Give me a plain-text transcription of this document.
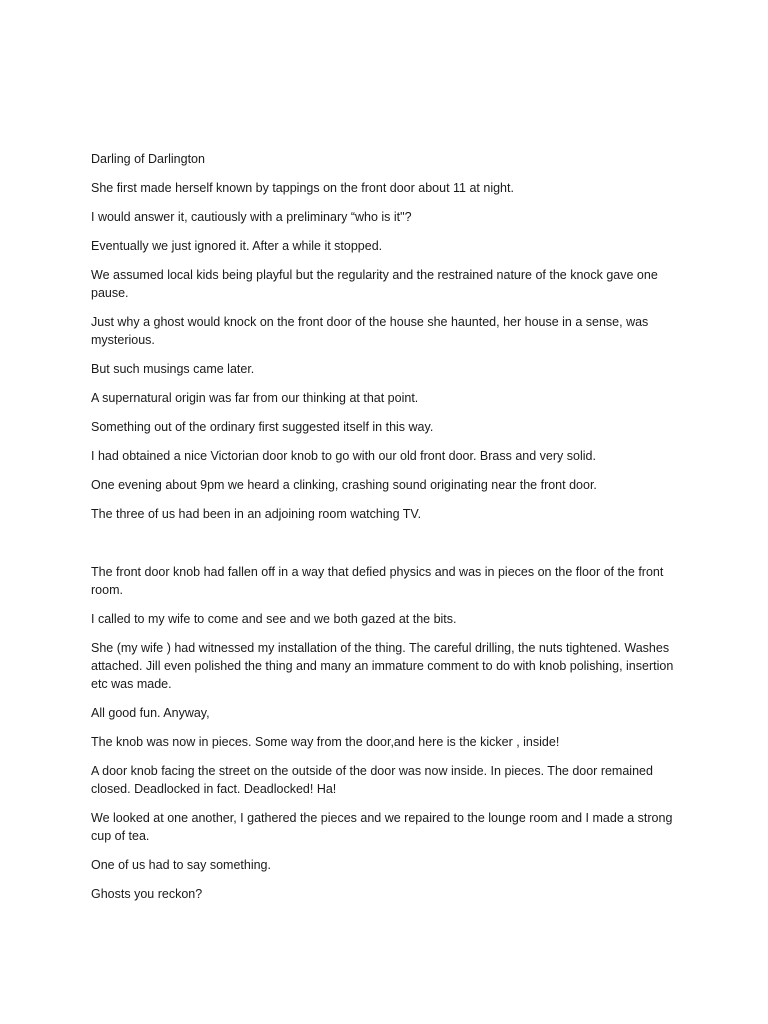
Darling of Darlington

She first made herself known by tappings on the front door about 11 at night.

I would answer it, cautiously with a preliminary “who is it"?

Eventually we just ignored it. After a while it stopped.

We assumed local kids being playful but the regularity and the restrained nature of the knock gave one pause.

Just why a ghost would knock on the front door of the house she haunted, her house in a sense, was mysterious.

But such musings came later.

A supernatural origin was far from our thinking at that point.

Something out of the ordinary first suggested itself in this way.

I had obtained a nice Victorian door knob to go with our old front door. Brass and very solid.

One evening about 9pm we heard a clinking, crashing sound originating near the front door.

The three of us had been in an adjoining room watching TV.

The front door knob had fallen off in a way that defied physics and was in pieces on the floor of the front room.

I called to my wife to come and see and we both gazed at the bits.

She (my wife ) had witnessed my installation of the thing. The careful drilling, the nuts tightened. Washes attached. Jill even polished the thing and many an immature comment to do with knob polishing, insertion etc was made.

All good fun. Anyway,

The knob was now in pieces. Some way from the door,and here is the kicker , inside!

A door knob facing the street on the outside of the door was now inside. In pieces. The door remained closed. Deadlocked in fact. Deadlocked! Ha!

We looked at one another, I gathered the pieces and we repaired to the lounge room and I made a strong cup of tea.

One of us had to say something.

Ghosts you reckon?
